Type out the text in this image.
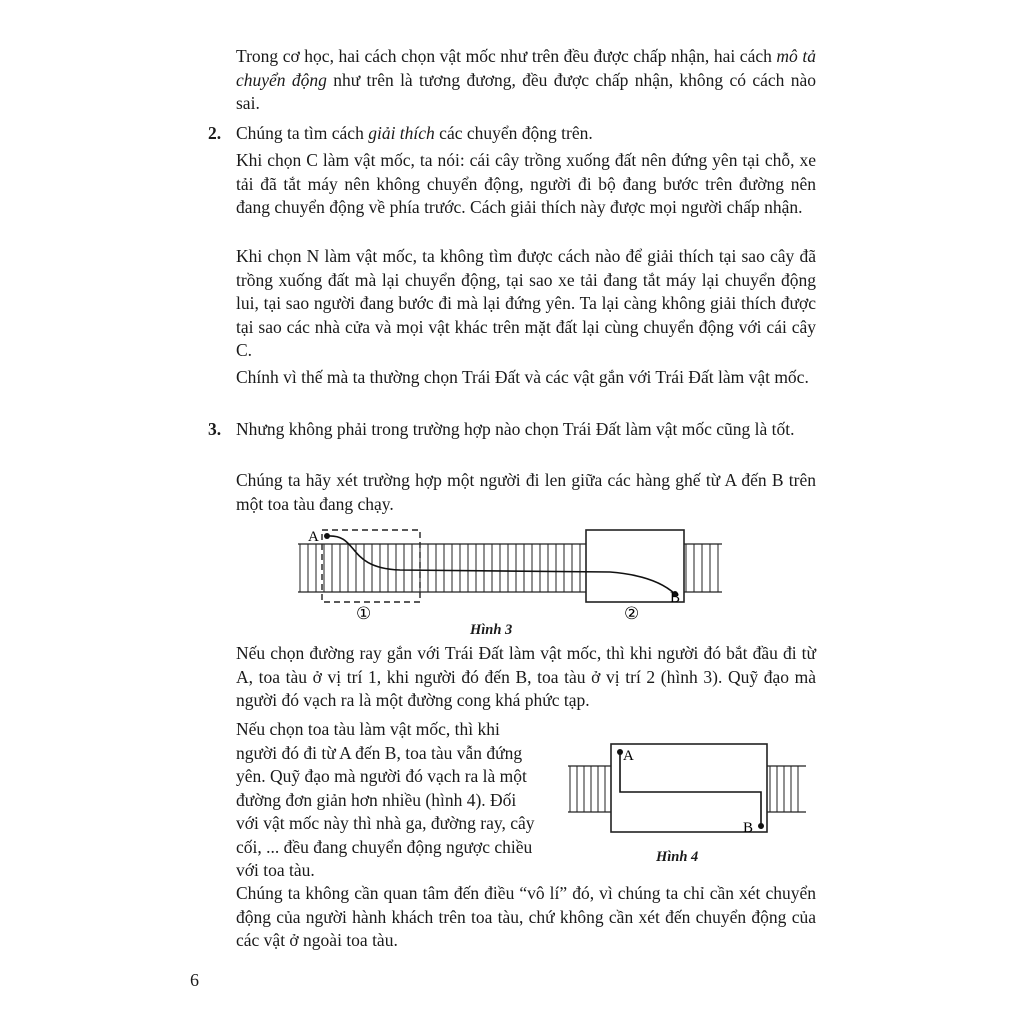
Trong cơ học, hai cách chọn vật mốc như trên đều được chấp nhận, hai cách mô tả chuyển động như trên là tương đương, đều được chấp nhận, không có cách nào sai.

2. Chúng ta tìm cách giải thích các chuyển động trên.

Khi chọn C làm vật mốc, ta nói: cái cây trồng xuống đất nên đứng yên tại chỗ, xe tải đã tắt máy nên không chuyển động, người đi bộ đang bước trên đường nên đang chuyển động về phía trước. Cách giải thích này được mọi người chấp nhận.

Khi chọn N làm vật mốc, ta không tìm được cách nào để giải thích tại sao cây đã trồng xuống đất mà lại chuyển động, tại sao xe tải đang tắt máy lại chuyển động lui, tại sao người đang bước đi mà lại đứng yên. Ta lại càng không giải thích được tại sao các nhà cửa và mọi vật khác trên mặt đất lại cùng chuyển động với cái cây C.

Chính vì thế mà ta thường chọn Trái Đất và các vật gắn với Trái Đất làm vật mốc.

3. Nhưng không phải trong trường hợp nào chọn Trái Đất làm vật mốc cũng là tốt.

Chúng ta hãy xét trường hợp một người đi len giữa các hàng ghế từ A đến B trên một toa tàu đang chạy.

A
B
①	②
Hình 3

Nếu chọn đường ray gắn với Trái Đất làm vật mốc, thì khi người đó bắt đầu đi từ A, toa tàu ở vị trí 1, khi người đó đến B, toa tàu ở vị trí 2 (hình 3). Quỹ đạo mà người đó vạch ra là một đường cong khá phức tạp.

Nếu chọn toa tàu làm vật mốc, thì khi người đó đi từ A đến B, toa tàu vẫn đứng yên. Quỹ đạo mà người đó vạch ra là một đường đơn giản hơn nhiều (hình 4). Đối với vật mốc này thì nhà ga, đường ray, cây cối, ... đều đang chuyển động ngược chiều với toa tàu.

A
B
Hình 4

Chúng ta không cần quan tâm đến điều “vô lí” đó, vì chúng ta chỉ cần xét chuyển động của người hành khách trên toa tàu, chứ không cần xét đến chuyển động của các vật ở ngoài toa tàu.

6
